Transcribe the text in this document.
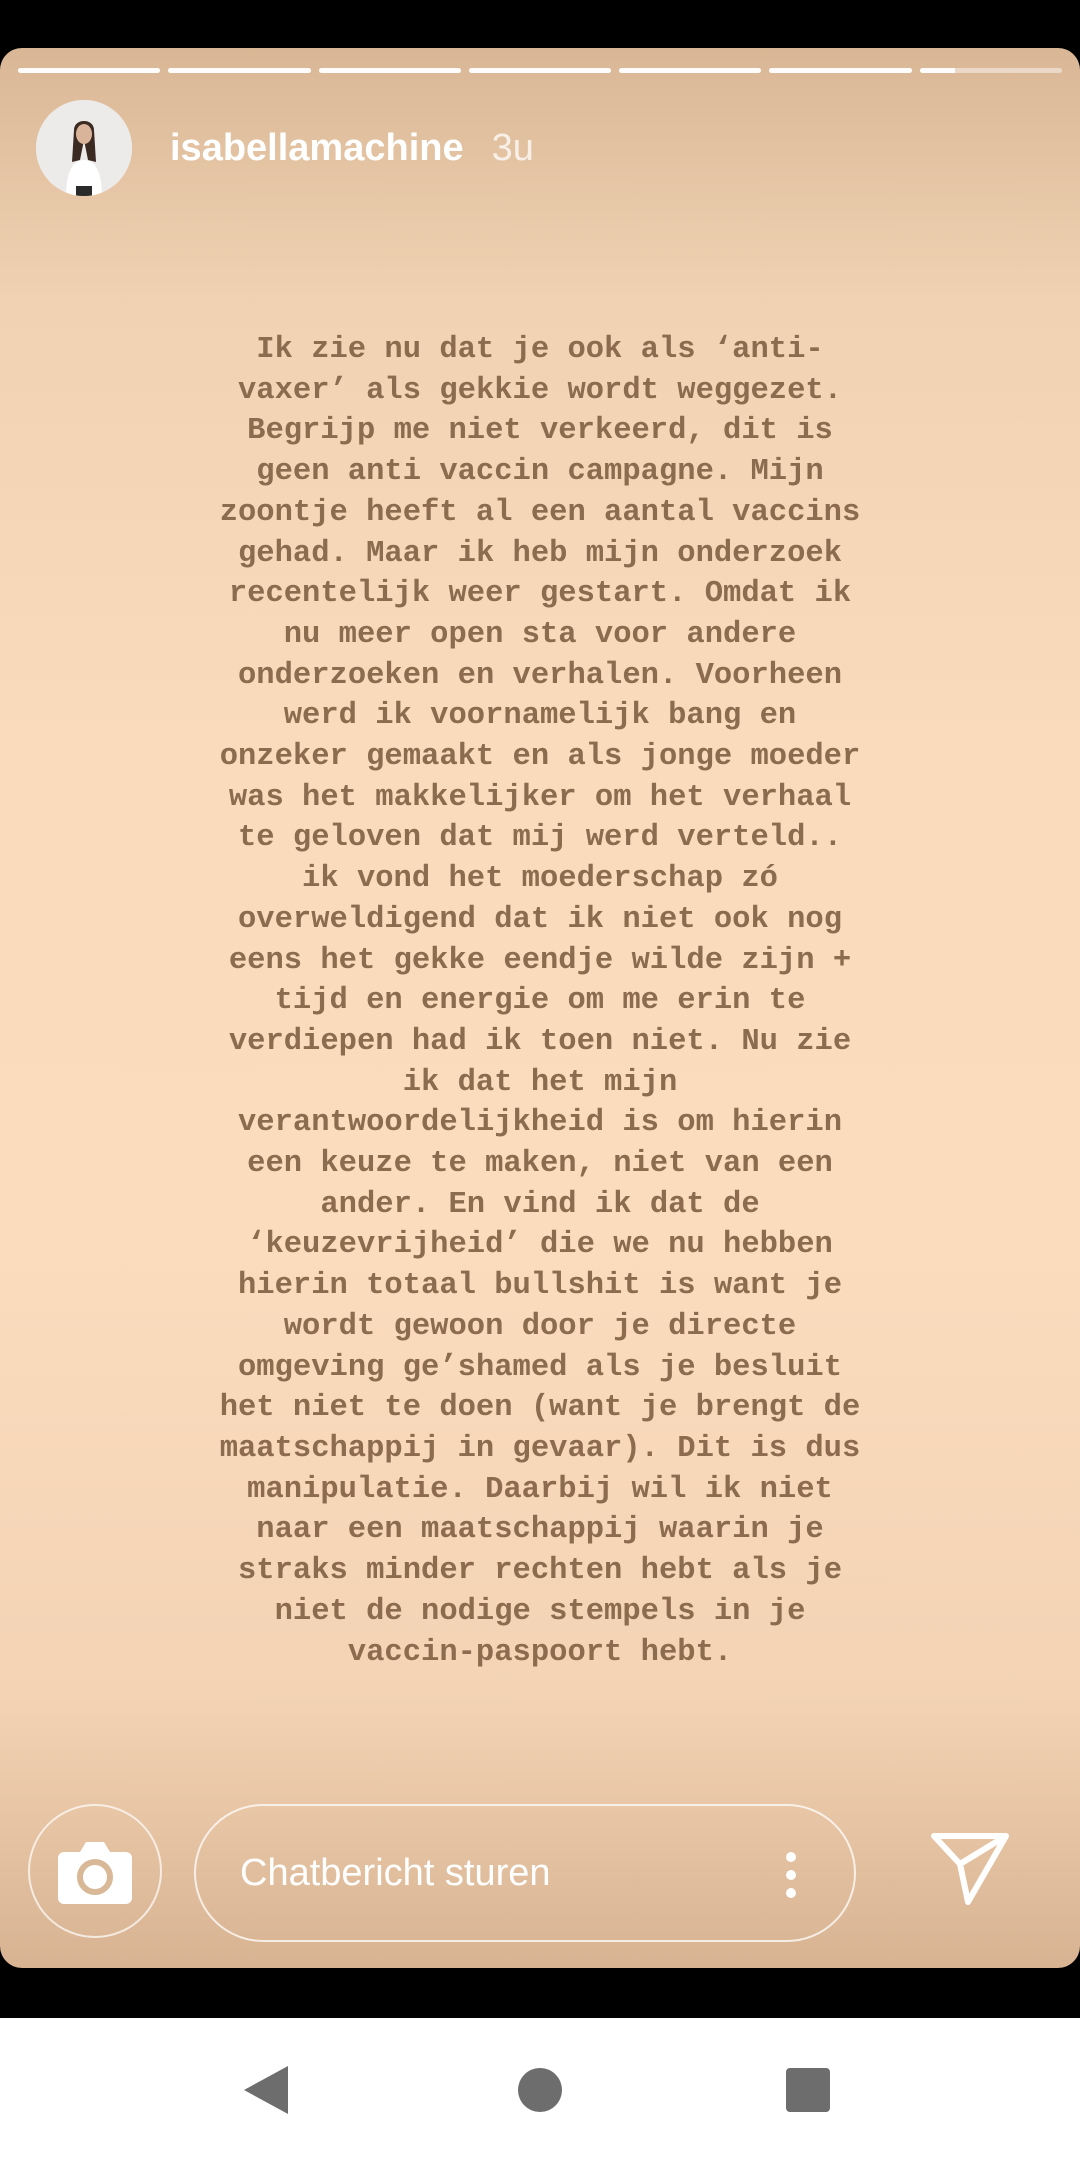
isabellamachine 3u
Ik zie nu dat je ook als ‘anti-
vaxer’ als gekkie wordt weggezet.
Begrijp me niet verkeerd, dit is
geen anti vaccin campagne. Mijn
zoontje heeft al een aantal vaccins
gehad. Maar ik heb mijn onderzoek
recentelijk weer gestart. Omdat ik
nu meer open sta voor andere
onderzoeken en verhalen. Voorheen
werd ik voornamelijk bang en
onzeker gemaakt en als jonge moeder
was het makkelijker om het verhaal
te geloven dat mij werd verteld..
ik vond het moederschap zó
overweldigend dat ik niet ook nog
eens het gekke eendje wilde zijn +
tijd en energie om me erin te
verdiepen had ik toen niet. Nu zie
ik dat het mijn
verantwoordelijkheid is om hierin
een keuze te maken, niet van een
ander. En vind ik dat de
‘keuzevrijheid’ die we nu hebben
hierin totaal bullshit is want je
wordt gewoon door je directe
omgeving ge’shamed als je besluit
het niet te doen (want je brengt de
maatschappij in gevaar). Dit is dus
manipulatie. Daarbij wil ik niet
naar een maatschappij waarin je
straks minder rechten hebt als je
niet de nodige stempels in je
vaccin-paspoort hebt.
Chatbericht sturen
